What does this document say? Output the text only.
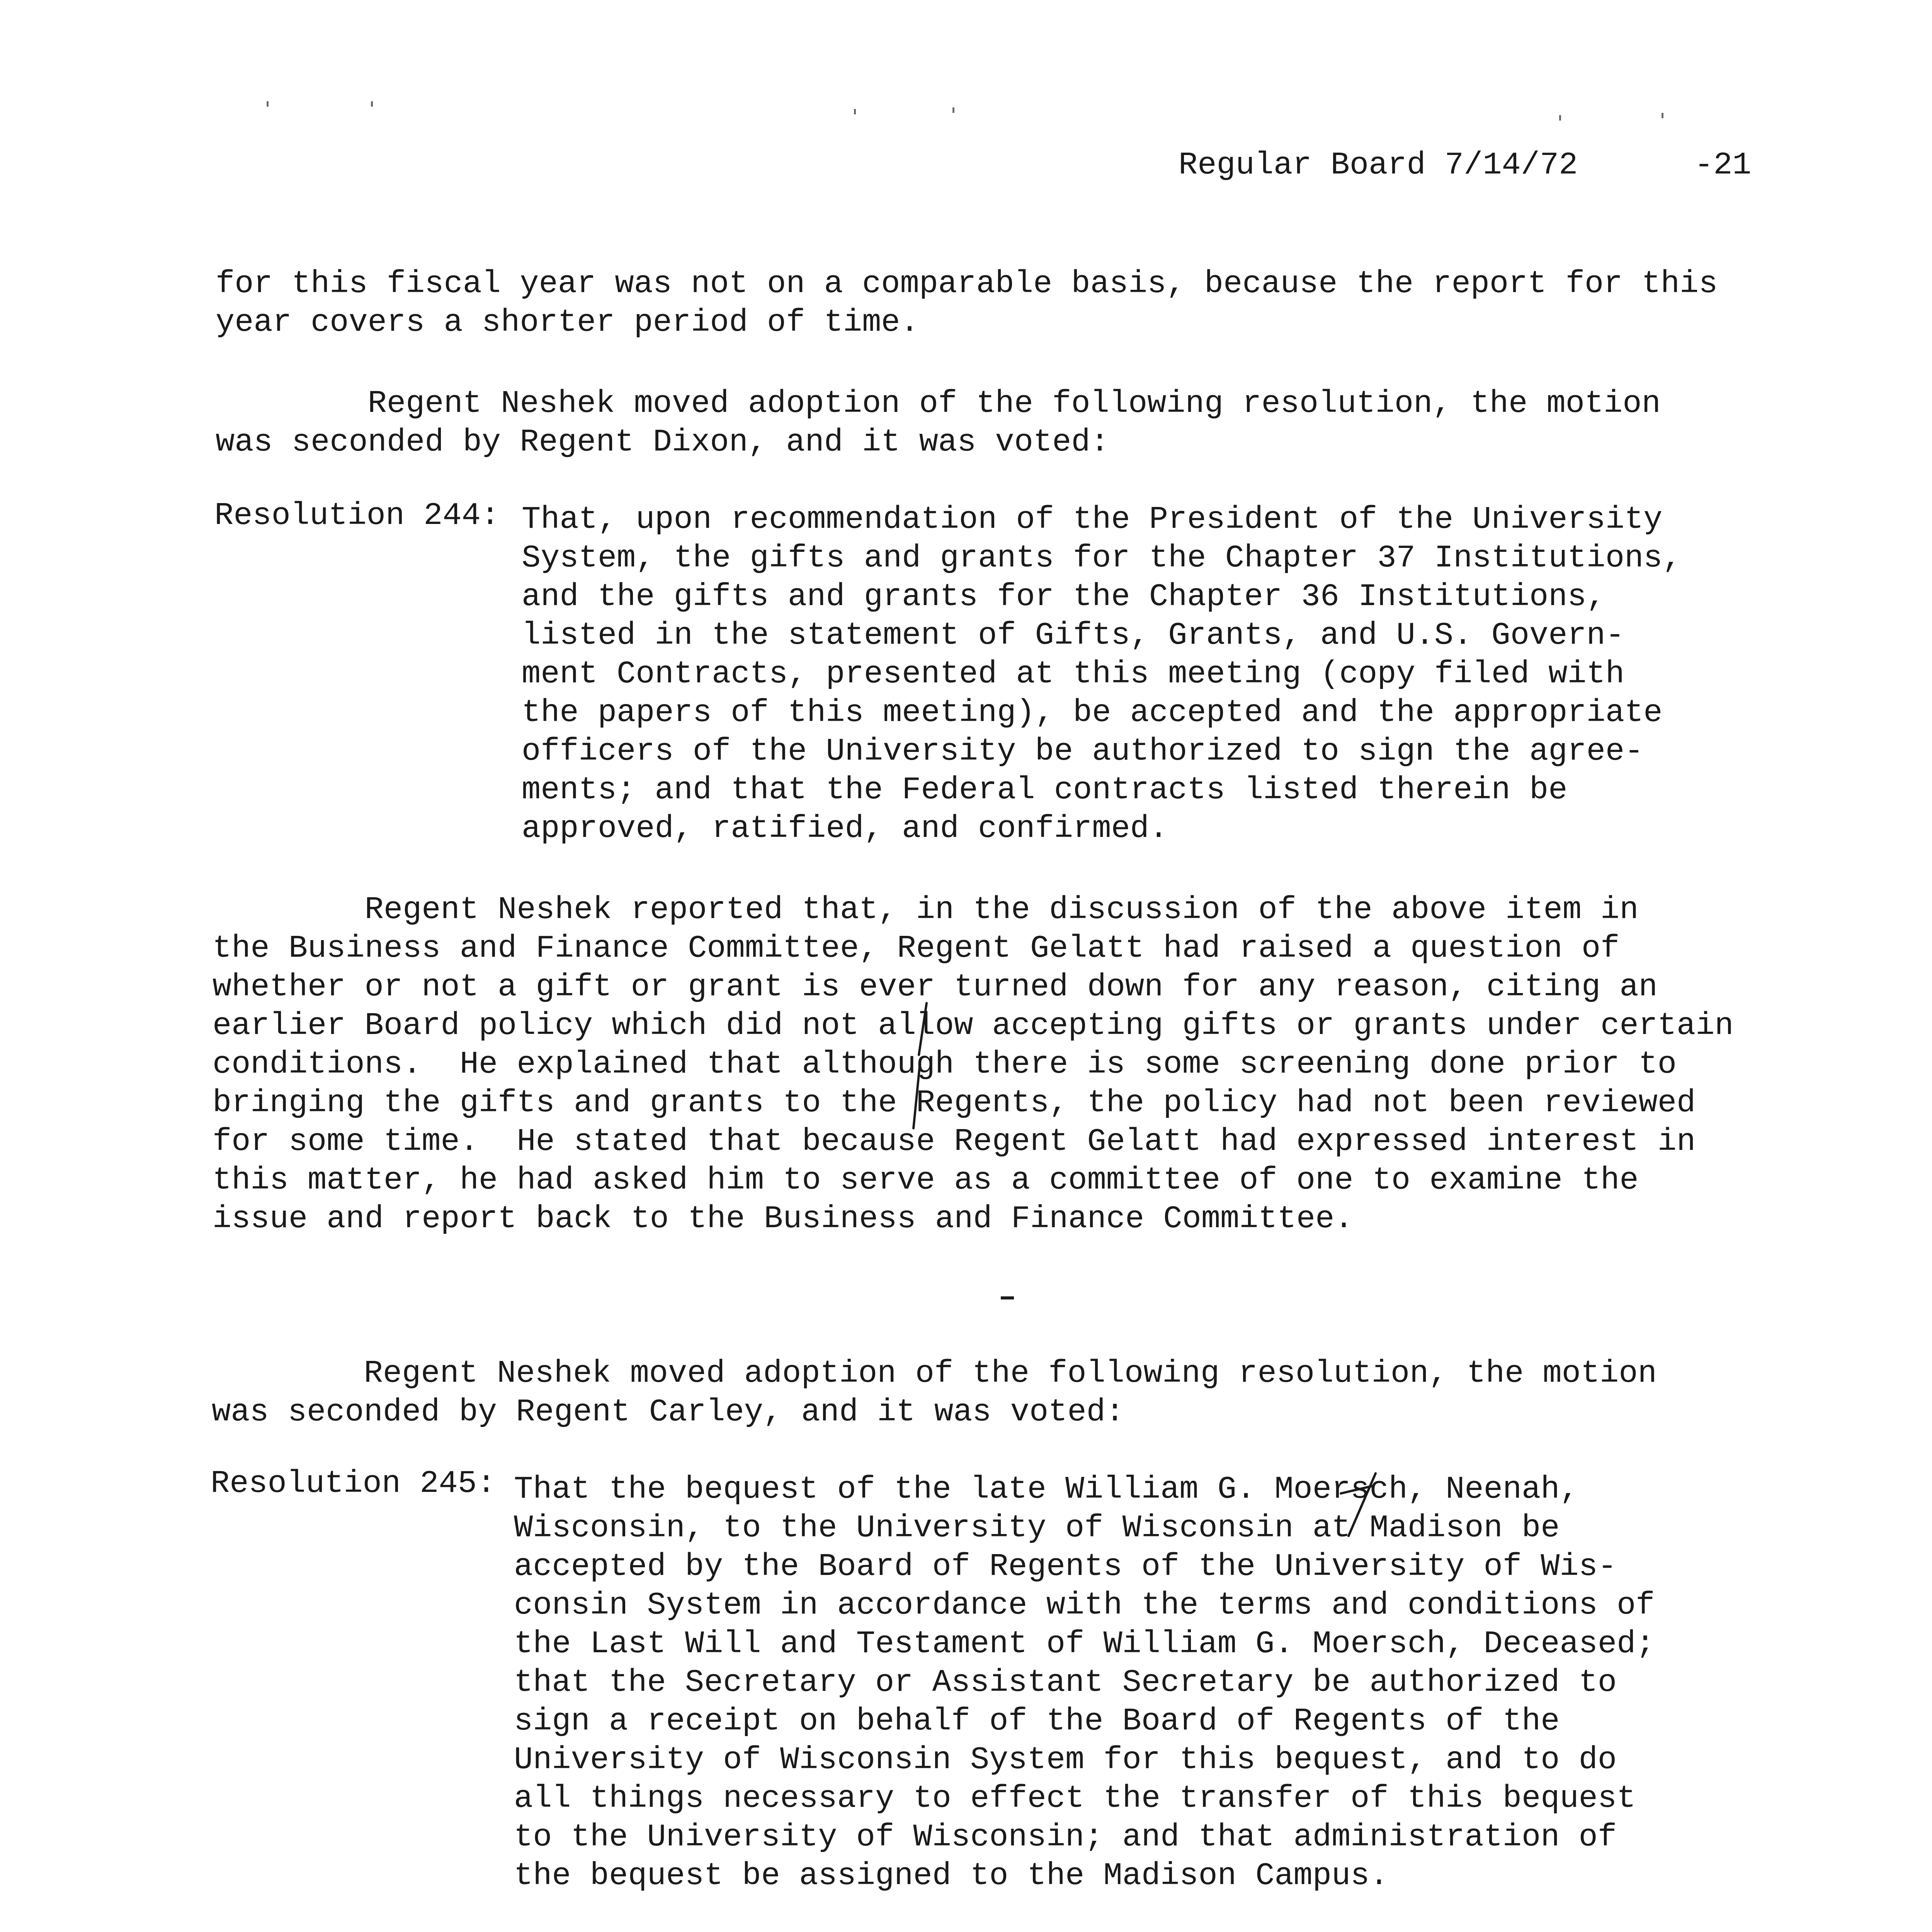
Regular Board 7/14/72	-21
for this fiscal year was not on a comparable basis, because the report for this
year covers a shorter period of time.
Regent Neshek moved adoption of the following resolution, the motion
was seconded by Regent Dixon, and it was voted:
Resolution 244: That, upon recommendation of the President of the University
System, the gifts and grants for the Chapter 37 Institutions,
and the gifts and grants for the Chapter 36 Institutions,
listed in the statement of Gifts, Grants, and U.S. Govern-
ment Contracts, presented at this meeting (copy filed with
the papers of this meeting), be accepted and the appropriate
officers of the University be authorized to sign the agree-
ments; and that the Federal contracts listed therein be
approved, ratified, and confirmed.
Regent Neshek reported that, in the discussion of the above item in
the Business and Finance Committee, Regent Gelatt had raised a question of
whether or not a gift or grant is ever turned down for any reason, citing an
earlier Board policy which did not allow accepting gifts or grants under certain
conditions.  He explained that although there is some screening done prior to
bringing the gifts and grants to the Regents, the policy had not been reviewed
for some time.  He stated that because Regent Gelatt had expressed interest in
this matter, he had asked him to serve as a committee of one to examine the
issue and report back to the Business and Finance Committee.
Regent Neshek moved adoption of the following resolution, the motion
was seconded by Regent Carley, and it was voted:
Resolution 245: That the bequest of the late William G. Moersch, Neenah,
Wisconsin, to the University of Wisconsin at Madison be
accepted by the Board of Regents of the University of Wis-
consin System in accordance with the terms and conditions of
the Last Will and Testament of William G. Moersch, Deceased;
that the Secretary or Assistant Secretary be authorized to
sign a receipt on behalf of the Board of Regents of the
University of Wisconsin System for this bequest, and to do
all things necessary to effect the transfer of this bequest
to the University of Wisconsin; and that administration of
the bequest be assigned to the Madison Campus.
